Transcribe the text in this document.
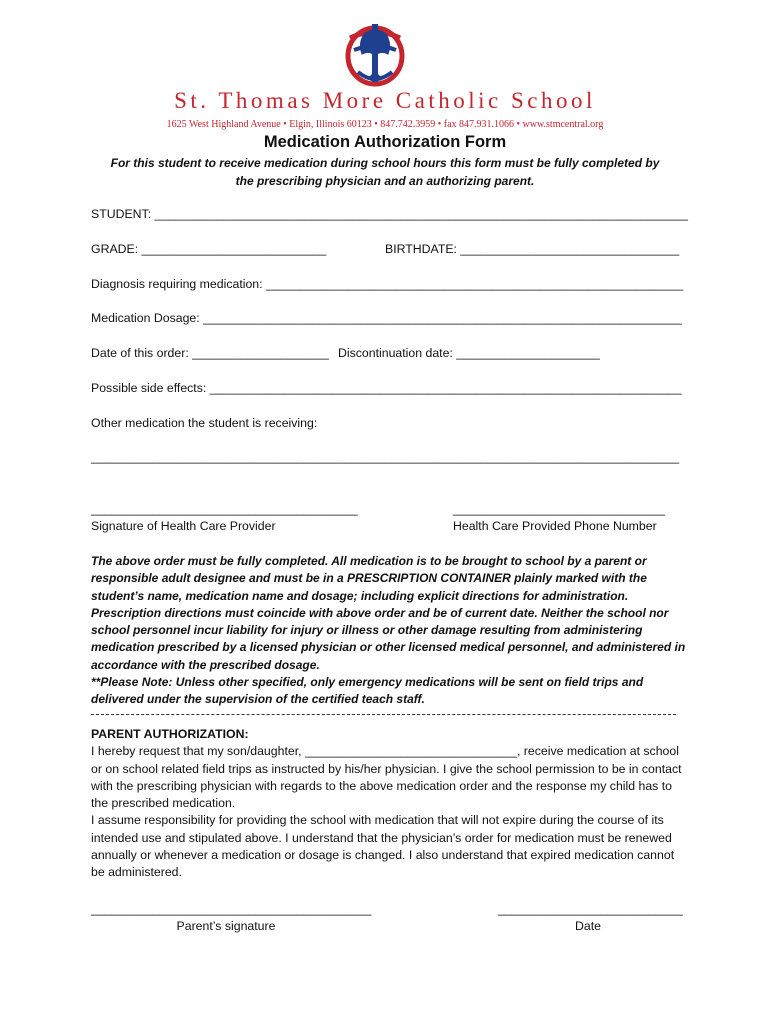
St. Thomas More Catholic School
1625 West Highland Avenue • Elgin, Illinois 60123 • 847.742.3959 • fax 847.931.1066 • www.stmcentral.org
Medication Authorization Form
For this student to receive medication during school hours this form must be fully completed by the prescribing physician and an authorizing parent.
STUDENT: ______________________________________________________________________________
GRADE: ___________________________	BIRTHDATE: ________________________________
Diagnosis requiring medication: _____________________________________________________________
Medication Dosage: ______________________________________________________________________
Date of this order: ____________________ Discontinuation date: _____________________
Possible side effects: _____________________________________________________________________
Other medication the student is receiving:
______________________________________________________________________________________
_______________________________________
Signature of Health Care Provider
_______________________________
Health Care Provided Phone Number

The above order must be fully completed. All medication is to be brought to school by a parent or responsible adult designee and must be in a PRESCRIPTION CONTAINER plainly marked with the student’s name, medication name and dosage; including explicit directions for administration. Prescription directions must coincide with above order and be of current date. Neither the school nor school personnel incur liability for injury or illness or other damage resulting from administering medication prescribed by a licensed physician or other licensed medical personnel, and administered in accordance with the prescribed dosage.

**Please Note: Unless other specified, only emergency medications will be sent on field trips and delivered under the supervision of the certified teach staff.

PARENT AUTHORIZATION:

I hereby request that my son/daughter, _______________________________, receive medication at school or on school related field trips as instructed by his/her physician. I give the school permission to be in contact with the prescribing physician with regards to the above medication order and the response my child has to the prescribed medication.

I assume responsibility for providing the school with medication that will not expire during the course of its intended use and stipulated above. I understand that the physician’s order for medication must be renewed annually or whenever a medication or dosage is changed. I also understand that expired medication cannot be administered.

_________________________________________
Parent’s signature
___________________________
Date
